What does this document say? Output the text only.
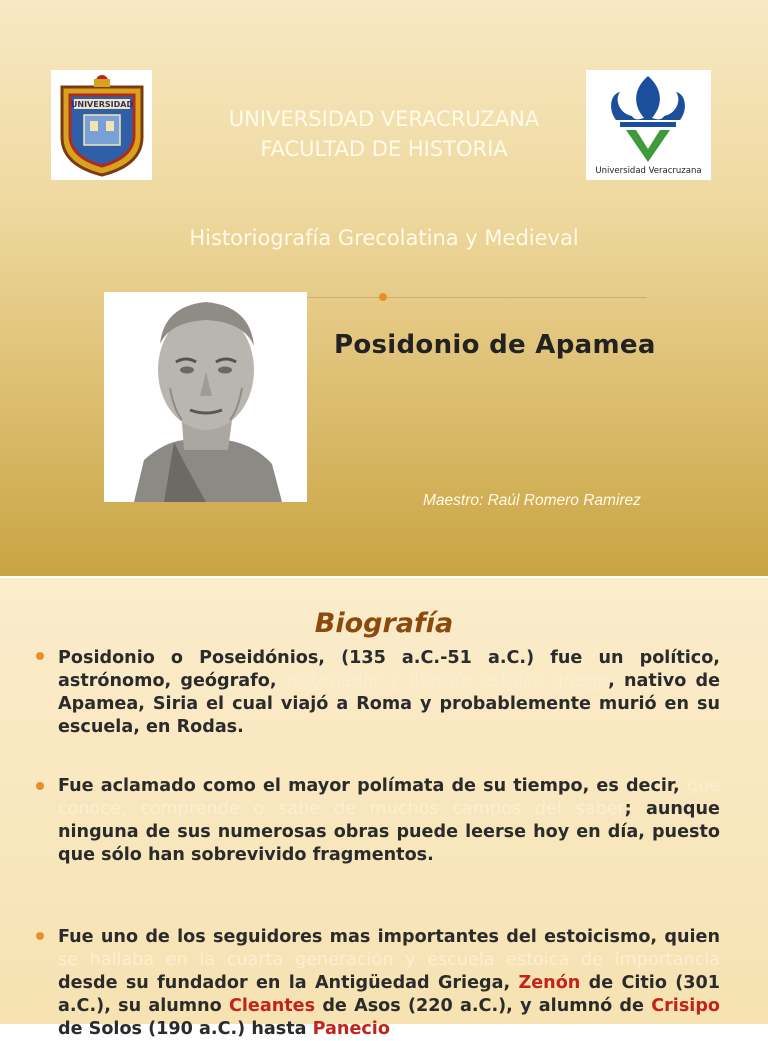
UNIVERSIDAD
UNIVERSIDAD VERACRUZANA
FACULTAD DE HISTORIA
Universidad Veracruzana
Historiografía Grecolatina y Medieval
Posidonio de Apamea
Maestro: Raúl Romero Ramirez
Biografía
Posidonio o Poseidónios, (135 a.C.-51 a.C.) fue un político, astrónomo, geógrafo, historiador y filósofo estoico griego, nativo de Apamea, Siria el cual viajó a Roma y probablemente murió en su escuela, en Rodas.
Fue aclamado como el mayor polímata de su tiempo, es decir, que conoce, comprende o sabe de muchos campos del saber; aunque ninguna de sus numerosas obras puede leerse hoy en día, puesto que sólo han sobrevivido fragmentos.
Fue uno de los seguidores mas importantes del estoicismo, quien se hallaba en la cuarta generación y escuela estoica de importancia desde su fundador en la Antigüedad Griega, Zenón de Citio (301 a.C.), su alumno Cleantes de Asos (220 a.C.), y alumnó de Crisipo de Solos (190 a.C.) hasta Panecio
